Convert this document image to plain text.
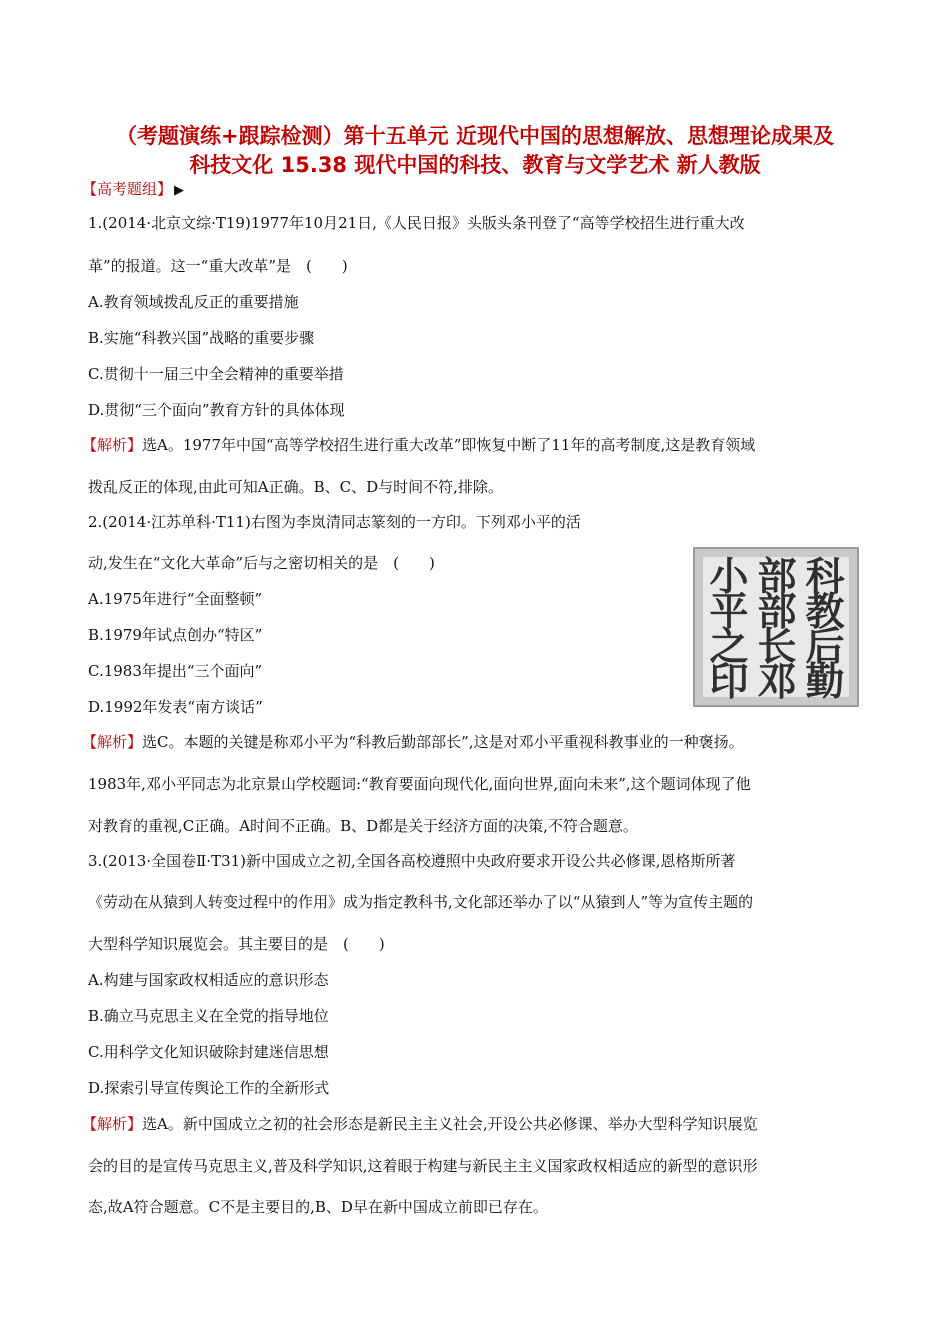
（考题演练+跟踪检测）第十五单元 近现代中国的思想解放、思想理论成果及
科技文化 15.38 现代中国的科技、教育与文学艺术 新人教版
【高考题组】 ▶
1.(2014·北京文综·T19)1977年10月21日,《人民日报》头版头条刊登了“高等学校招生进行重大改
革”的报道。这一“重大改革”是　(　　)
A.教育领域拨乱反正的重要措施
B.实施“科教兴国”战略的重要步骤
C.贯彻十一届三中全会精神的重要举措
D.贯彻“三个面向”教育方针的具体体现
【解析】选A。1977年中国“高等学校招生进行重大改革”即恢复中断了11年的高考制度,这是教育领域
拨乱反正的体现,由此可知A正确。B、C、D与时间不符,排除。
2.(2014·江苏单科·T11)右图为李岚清同志篆刻的一方印。下列邓小平的活
动,发生在“文化大革命”后与之密切相关的是　(　　)
A.1975年进行“全面整顿”
B.1979年试点创办“特区”
C.1983年提出“三个面向”
D.1992年发表“南方谈话”
【解析】选C。本题的关键是称邓小平为“科教后勤部部长”,这是对邓小平重视科教事业的一种褒扬。
1983年,邓小平同志为北京景山学校题词:“教育要面向现代化,面向世界,面向未来”,这个题词体现了他
对教育的重视,C正确。A时间不正确。B、D都是关于经济方面的决策,不符合题意。
科
教
后
勤
部
部
长
邓
小
平
之
印
3.(2013·全国卷Ⅱ·T31)新中国成立之初,全国各高校遵照中央政府要求开设公共必修课,恩格斯所著
《劳动在从猿到人转变过程中的作用》成为指定教科书,文化部还举办了以“从猿到人”等为宣传主题的
大型科学知识展览会。其主要目的是　(　　)
A.构建与国家政权相适应的意识形态
B.确立马克思主义在全党的指导地位
C.用科学文化知识破除封建迷信思想
D.探索引导宣传舆论工作的全新形式
【解析】选A。新中国成立之初的社会形态是新民主主义社会,开设公共必修课、举办大型科学知识展览
会的目的是宣传马克思主义,普及科学知识,这着眼于构建与新民主主义国家政权相适应的新型的意识形
态,故A符合题意。C不是主要目的,B、D早在新中国成立前即已存在。
